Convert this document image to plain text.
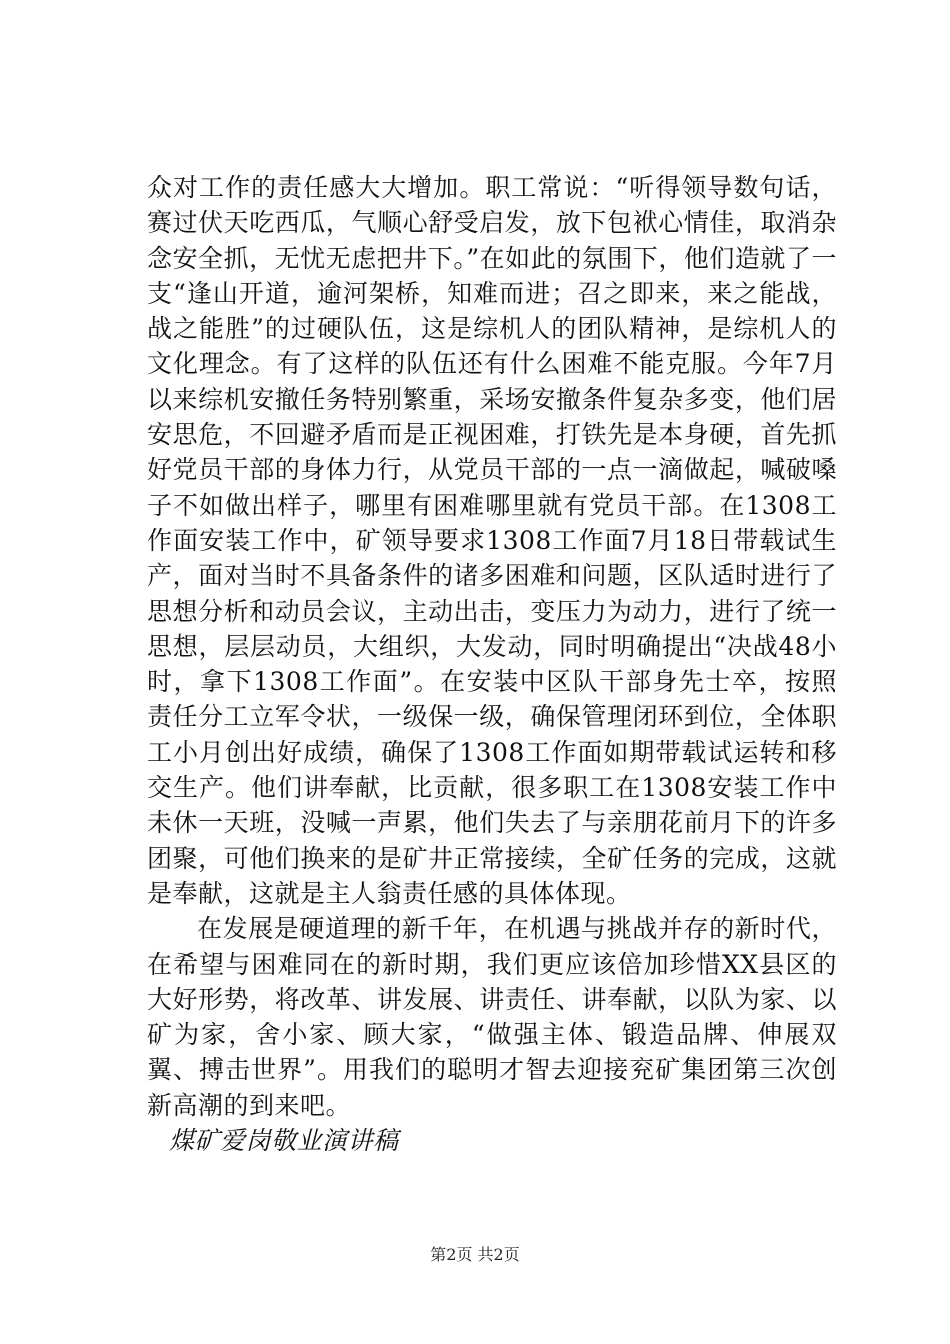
众对工作的责任感大大增加。职工常说：“听得领导数句话，赛过伏天吃西瓜，气顺心舒受启发，放下包袱心情佳，取消杂念安全抓，无忧无虑把井下。”在如此的氛围下，他们造就了一支“逢山开道，逾河架桥，知难而进；召之即来，来之能战，战之能胜”的过硬队伍，这是综机人的团队精神，是综机人的文化理念。有了这样的队伍还有什么困难不能克服。今年7月以来综机安撤任务特别繁重，采场安撤条件复杂多变，他们居安思危，不回避矛盾而是正视困难，打铁先是本身硬，首先抓好党员干部的身体力行，从党员干部的一点一滴做起，喊破嗓子不如做出样子，哪里有困难哪里就有党员干部。在1308工作面安装工作中，矿领导要求1308工作面7月18日带载试生产，面对当时不具备条件的诸多困难和问题，区队适时进行了思想分析和动员会议，主动出击，变压力为动力，进行了统一思想，层层动员，大组织，大发动，同时明确提出“决战48小时，拿下1308工作面”。在安装中区队干部身先士卒，按照责任分工立军令状，一级保一级，确保管理闭环到位，全体职工小月创出好成绩，确保了1308工作面如期带载试运转和移交生产。他们讲奉献，比贡献，很多职工在1308安装工作中未休一天班，没喊一声累，他们失去了与亲朋花前月下的许多团聚，可他们换来的是矿井正常接续，全矿任务的完成，这就是奉献，这就是主人翁责任感的具体体现。

在发展是硬道理的新千年，在机遇与挑战并存的新时代，在希望与困难同在的新时期，我们更应该倍加珍惜XX县区的大好形势，将改革、讲发展、讲责任、讲奉献，以队为家、以矿为家，舍小家、顾大家，“做强主体、锻造品牌、伸展双翼、搏击世界”。用我们的聪明才智去迎接兖矿集团第三次创新高潮的到来吧。

煤矿爱岗敬业演讲稿

第2页 共2页
